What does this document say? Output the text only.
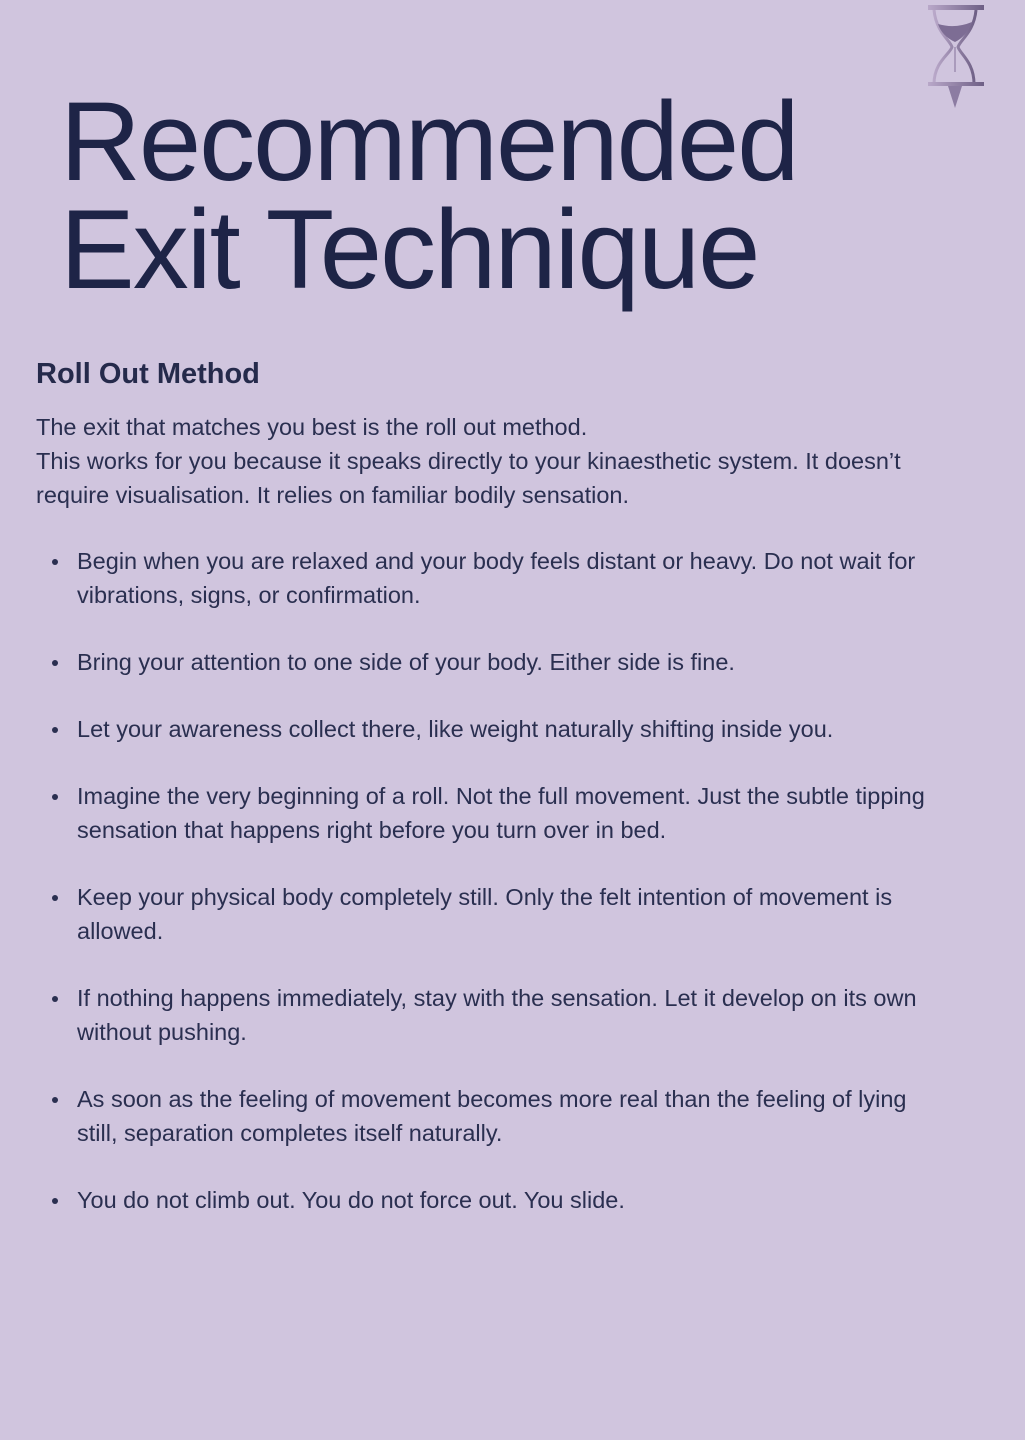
Recommended
Exit Technique
Roll Out Method
The exit that matches you best is the roll out method.
This works for you because it speaks directly to your kinaesthetic system. It doesn’t require visualisation. It relies on familiar bodily sensation.
Begin when you are relaxed and your body feels distant or heavy. Do not wait for vibrations, signs, or confirmation.
Bring your attention to one side of your body. Either side is fine.
Let your awareness collect there, like weight naturally shifting inside you.
Imagine the very beginning of a roll. Not the full movement. Just the subtle tipping sensation that happens right before you turn over in bed.
Keep your physical body completely still. Only the felt intention of movement is allowed.
If nothing happens immediately, stay with the sensation. Let it develop on its own without pushing.
As soon as the feeling of movement becomes more real than the feeling of lying still, separation completes itself naturally.
You do not climb out. You do not force out. You slide.
